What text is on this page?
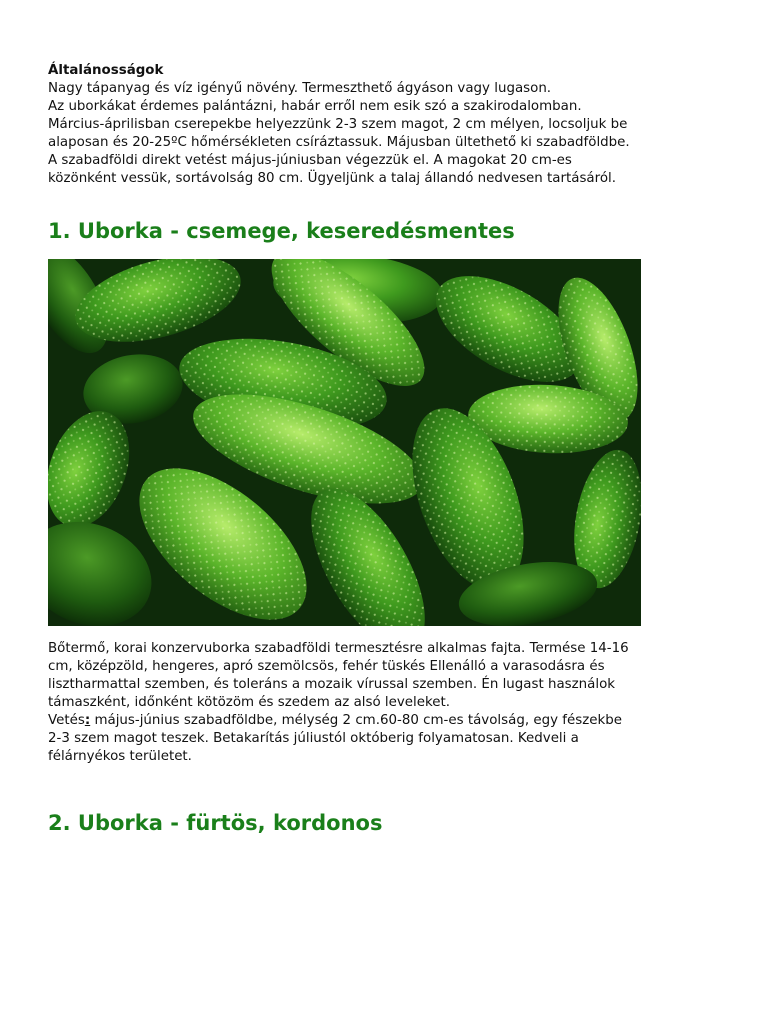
Általánosságok

Nagy tápanyag és víz igényű növény. Termeszthető ágyáson vagy lugason.

Az uborkákat érdemes palántázni, habár erről nem esik szó a szakirodalomban.

Március-áprilisban cserepekbe helyezzünk 2-3 szem magot, 2 cm mélyen, locsoljuk be

alaposan és 20-25ºC hőmérsékleten csíráztassuk. Májusban ültethető ki szabadföldbe.

A szabadföldi direkt vetést május-júniusban végezzük el. A magokat 20 cm-es

közönként vessük, sortávolság 80 cm. Ügyeljünk a talaj állandó nedvesen tartásáról.

1. Uborka - csemege, keseredésmentes

Bőtermő, korai konzervuborka szabadföldi termesztésre alkalmas fajta. Termése 14-16

cm, középzöld, hengeres, apró szemölcsös, fehér tüskés Ellenálló a varasodásra és

lisztharmattal szemben, és toleráns a mozaik vírussal szemben. Én lugast használok

támaszként, időnként kötözöm és szedem az alsó leveleket.

Vetés: május-június szabadföldbe, mélység 2 cm.60-80 cm-es távolság, egy fészekbe

2-3 szem magot teszek. Betakarítás júliustól októberig folyamatosan. Kedveli a

félárnyékos területet.

2. Uborka - fürtös, kordonos
